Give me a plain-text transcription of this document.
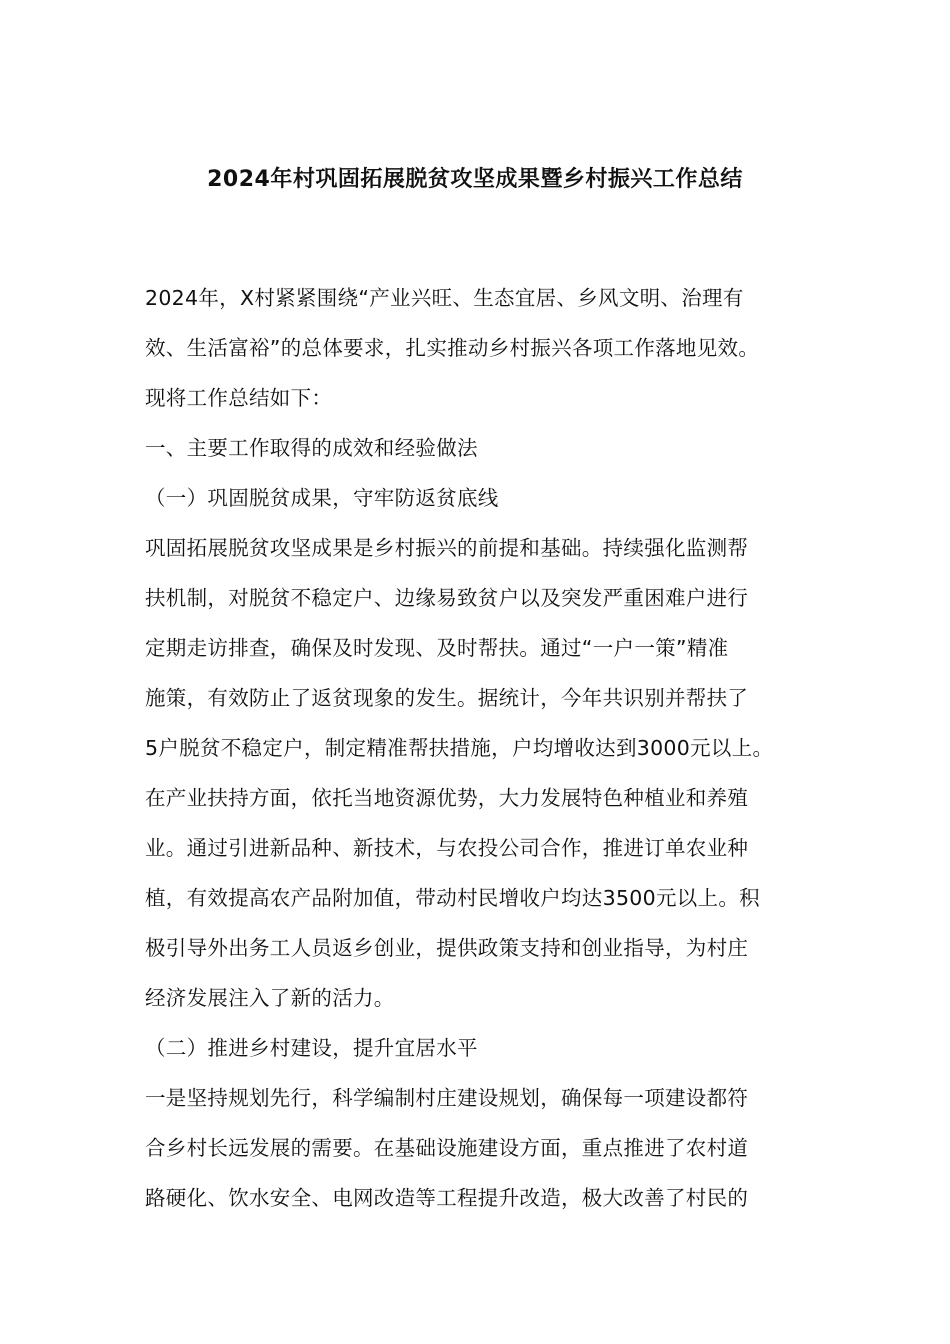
2024年村巩固拓展脱贫攻坚成果暨乡村振兴工作总结
2024年，X村紧紧围绕“产业兴旺、生态宜居、乡风文明、治理有
效、生活富裕”的总体要求，扎实推动乡村振兴各项工作落地见效。
现将工作总结如下：
一、主要工作取得的成效和经验做法
（一）巩固脱贫成果，守牢防返贫底线
巩固拓展脱贫攻坚成果是乡村振兴的前提和基础。持续强化监测帮
扶机制，对脱贫不稳定户、边缘易致贫户以及突发严重困难户进行
定期走访排查，确保及时发现、及时帮扶。通过“一户一策”精准
施策，有效防止了返贫现象的发生。据统计，今年共识别并帮扶了
5户脱贫不稳定户，制定精准帮扶措施，户均增收达到3000元以上。
在产业扶持方面，依托当地资源优势，大力发展特色种植业和养殖
业。通过引进新品种、新技术，与农投公司合作，推进订单农业种
植，有效提高农产品附加值，带动村民增收户均达3500元以上。积
极引导外出务工人员返乡创业，提供政策支持和创业指导，为村庄
经济发展注入了新的活力。
（二）推进乡村建设，提升宜居水平
一是坚持规划先行，科学编制村庄建设规划，确保每一项建设都符
合乡村长远发展的需要。在基础设施建设方面，重点推进了农村道
路硬化、饮水安全、电网改造等工程提升改造，极大改善了村民的
